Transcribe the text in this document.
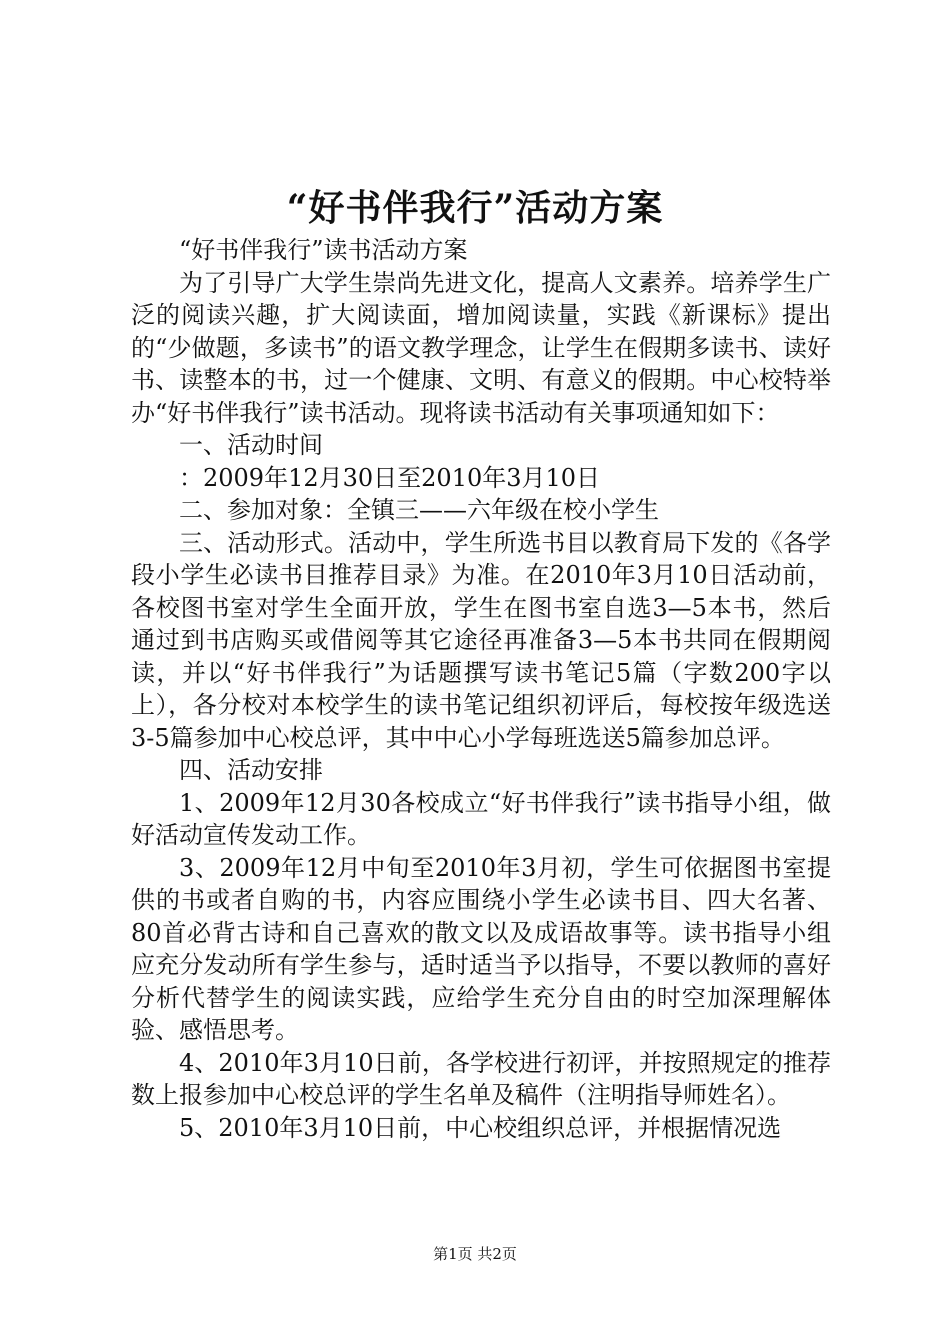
“好书伴我行”活动方案

“好书伴我行”读书活动方案

为了引导广大学生崇尚先进文化，提高人文素养。培养学生广泛的阅读兴趣，扩大阅读面，增加阅读量，实践《新课标》提出的“少做题，多读书”的语文教学理念，让学生在假期多读书、读好书、读整本的书，过一个健康、文明、有意义的假期。中心校特举办“好书伴我行”读书活动。现将读书活动有关事项通知如下：

一、活动时间

：2009年12月30日至2010年3月10日

二、参加对象：全镇三——六年级在校小学生

三、活动形式。活动中，学生所选书目以教育局下发的《各学段小学生必读书目推荐目录》为准。在2010年3月10日活动前，各校图书室对学生全面开放，学生在图书室自选3—5本书，然后通过到书店购买或借阅等其它途径再准备3—5本书共同在假期阅读，并以“好书伴我行”为话题撰写读书笔记5篇（字数200字以上），各分校对本校学生的读书笔记组织初评后，每校按年级选送3-5篇参加中心校总评，其中中心小学每班选送5篇参加总评。

四、活动安排

1、2009年12月30各校成立“好书伴我行”读书指导小组，做好活动宣传发动工作。

3、2009年12月中旬至2010年3月初，学生可依据图书室提供的书或者自购的书，内容应围绕小学生必读书目、四大名著、80首必背古诗和自己喜欢的散文以及成语故事等。读书指导小组应充分发动所有学生参与，适时适当予以指导，不要以教师的喜好分析代替学生的阅读实践，应给学生充分自由的时空加深理解体验、感悟思考。

4、2010年3月10日前，各学校进行初评，并按照规定的推荐数上报参加中心校总评的学生名单及稿件（注明指导师姓名）。

5、2010年3月10日前，中心校组织总评，并根据情况选

第1页 共2页
